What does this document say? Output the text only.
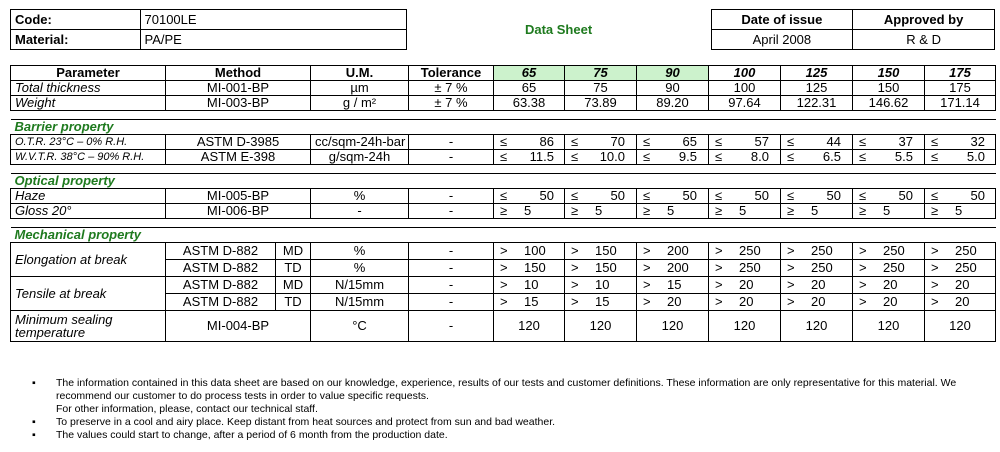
Code:	70100LE	Data Sheet	Date of issue	Approved by
Material:	PA/PE		April 2008	R & D
Parameter	Method		U.M.	Tolerance	65	75	90	100	125	150	175
Total thickness	MI-001-BP		µm	± 7 %	65	75	90	100	125	150	175
Weight	MI-003-BP		g / m²	± 7 %	63.38	73.89	89.20	97.64	122.31	146.62	171.14

Barrier property											
O.T.R. 23°C – 0% R.H.	ASTM D-3985		cc/sqm-24h-bar	-	≤ 86	≤ 70	≤ 65	≤ 57	≤ 44	≤ 37	≤ 32
W.V.T.R. 38°C – 90% R.H.	ASTM E-398		g/sqm-24h	-	≤ 11.5	≤ 10.0	≤ 9.5	≤ 8.0	≤ 6.5	≤ 5.5	≤ 5.0

Optical property											
Haze	MI-005-BP		%	-	≤ 50	≤ 50	≤ 50	≤ 50	≤ 50	≤ 50	≤ 50
Gloss 20°	MI-006-BP		-	-	≥ 5	≥ 5	≥ 5	≥ 5	≥ 5	≥ 5	≥ 5

Mechanical property											
Elongation at break	ASTM D-882	MD	%	-	> 100	> 150	> 200	> 250	> 250	> 250	> 250
	ASTM D-882	TD	%	-	> 150	> 150	> 200	> 250	> 250	> 250	> 250
Tensile at break	ASTM D-882	MD	N/15mm	-	> 10	> 10	> 15	> 20	> 20	> 20	> 20
	ASTM D-882	TD	N/15mm	-	> 15	> 15	> 20	> 20	> 20	> 20	> 20
Minimum sealing temperature	MI-004-BP		°C	-	120	120	120	120	120	120	120
▪ The information contained in this data sheet are based on our knowledge, experience, results of our tests and customer definitions. These information are only representative for this material. We recommend our customer to do process tests in order to value specific requests.
For other information, please, contact our technical staff.
▪ To preserve in a cool and airy place. Keep distant from heat sources and protect from sun and bad weather.
▪ The values could start to change, after a period of 6 month from the production date.
